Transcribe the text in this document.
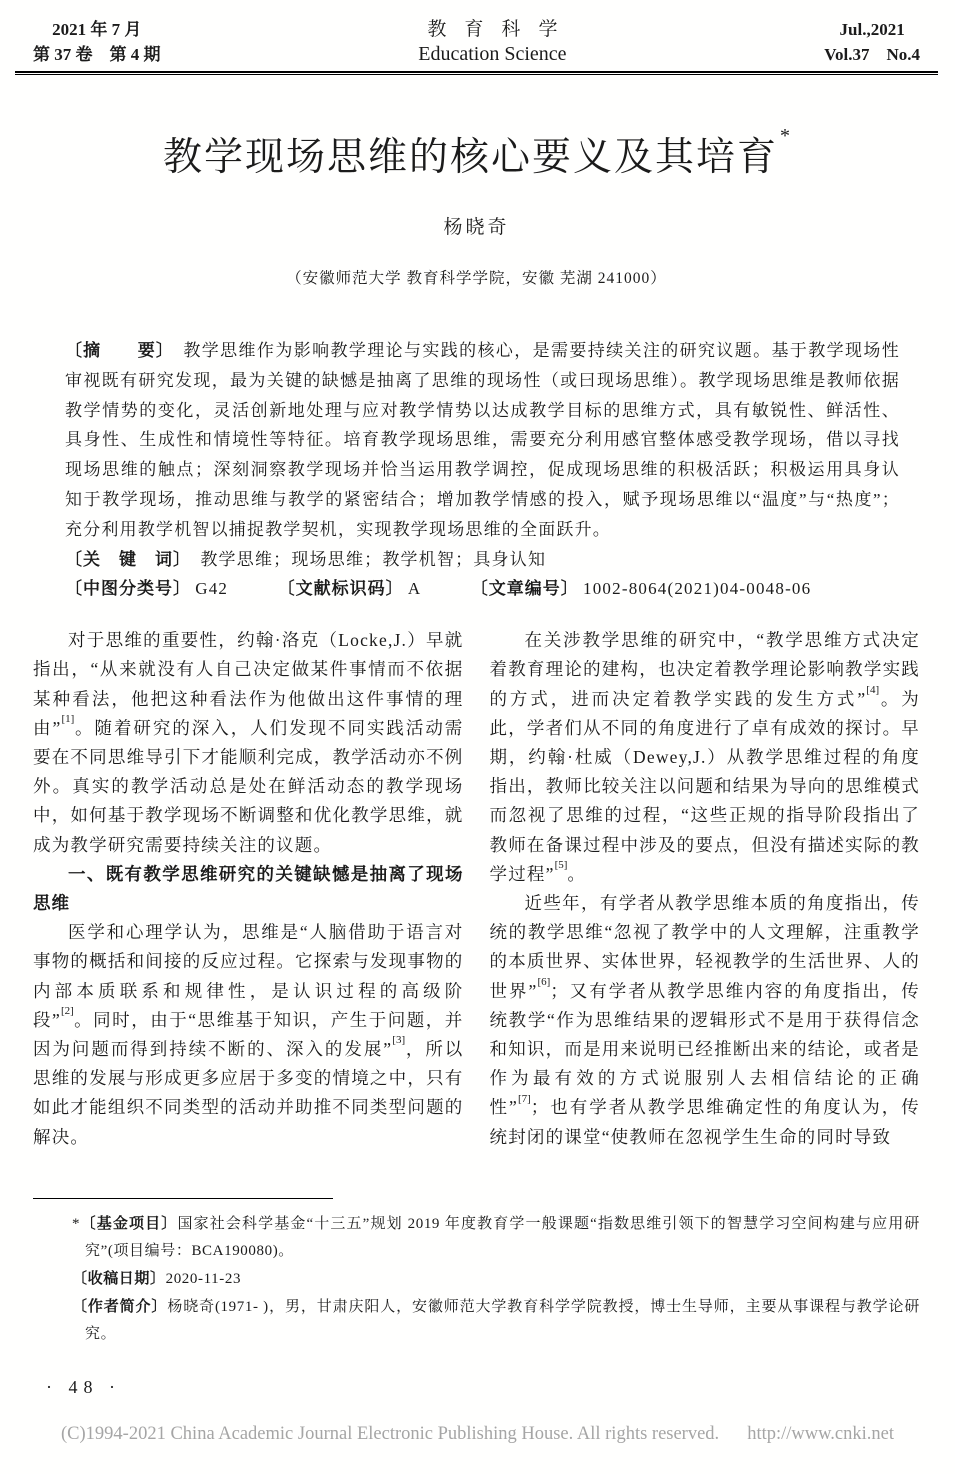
2021 年 7 月
第 37 卷　第 4 期
教育科学
Education Science
Jul.,2021
Vol.37　No.4
教学现场思维的核心要义及其培育 *
杨晓奇
（安徽师范大学 教育科学学院，安徽 芜湖 241000）

〔摘　　要〕 教学思维作为影响教学理论与实践的核心，是需要持续关注的研究议题。基于教学现场性审视既有研究发现，最为关键的缺憾是抽离了思维的现场性（或曰现场思维）。教学现场思维是教师依据教学情势的变化，灵活创新地处理与应对教学情势以达成教学目标的思维方式，具有敏锐性、鲜活性、具身性、生成性和情境性等特征。培育教学现场思维，需要充分利用感官整体感受教学现场，借以寻找现场思维的触点；深刻洞察教学现场并恰当运用教学调控，促成现场思维的积极活跃；积极运用具身认知于教学现场，推动思维与教学的紧密结合；增加教学情感的投入，赋予现场思维以“温度”与“热度”；充分利用教学机智以捕捉教学契机，实现教学现场思维的全面跃升。

〔关　键　词〕 教学思维；现场思维；教学机智；具身认知

〔中图分类号〕 G42	〔文献标识码〕 A	〔文章编号〕 1002-8064(2021)04-0048-06

对于思维的重要性，约翰·洛克（Locke,J.）早就指出，“从来就没有人自己决定做某件事情而不依据某种看法，他把这种看法作为他做出这件事情的理由”[1]。随着研究的深入，人们发现不同实践活动需要在不同思维导引下才能顺利完成，教学活动亦不例外。真实的教学活动总是处在鲜活动态的教学现场中，如何基于教学现场不断调整和优化教学思维，就成为教学研究需要持续关注的议题。

一、既有教学思维研究的关键缺憾是抽离了现场思维

医学和心理学认为，思维是“人脑借助于语言对事物的概括和间接的反应过程。它探索与发现事物的内部本质联系和规律性，是认识过程的高级阶段”[2]。同时，由于“思维基于知识，产生于问题，并因为问题而得到持续不断的、深入的发展”[3]，所以思维的发展与形成更多应居于多变的情境之中，只有如此才能组织不同类型的活动并助推不同类型问题的解决。

在关涉教学思维的研究中，“教学思维方式决定着教育理论的建构，也决定着教学理论影响教学实践的方式，进而决定着教学实践的发生方式”[4]。为此，学者们从不同的角度进行了卓有成效的探讨。早期，约翰·杜威（Dewey,J.）从教学思维过程的角度指出，教师比较关注以问题和结果为导向的思维模式而忽视了思维的过程，“这些正规的指导阶段指出了教师在备课过程中涉及的要点，但没有描述实际的教学过程”[5]。

近些年，有学者从教学思维本质的角度指出，传统的教学思维“忽视了教学中的人文理解，注重教学的本质世界、实体世界，轻视教学的生活世界、人的世界”[6]；又有学者从教学思维内容的角度指出，传统教学“作为思维结果的逻辑形式不是用于获得信念和知识，而是用来说明已经推断出来的结论，或者是作为最有效的方式说服别人去相信结论的正确性”[7]；也有学者从教学思维确定性的角度认为，传统封闭的课堂“使教师在忽视学生生命的同时导致

*〔基金项目〕国家社会科学基金“十三五”规划 2019 年度教育学一般课题“指数思维引领下的智慧学习空间构建与应用研究”(项目编号：BCA190080)。
〔收稿日期〕2020-11-23
〔作者简介〕杨晓奇(1971- )，男，甘肃庆阳人，安徽师范大学教育科学学院教授，博士生导师，主要从事课程与教学论研究。
· 48 ·
(C)1994-2021 China Academic Journal Electronic Publishing House. All rights reserved. http://www.cnki.net
